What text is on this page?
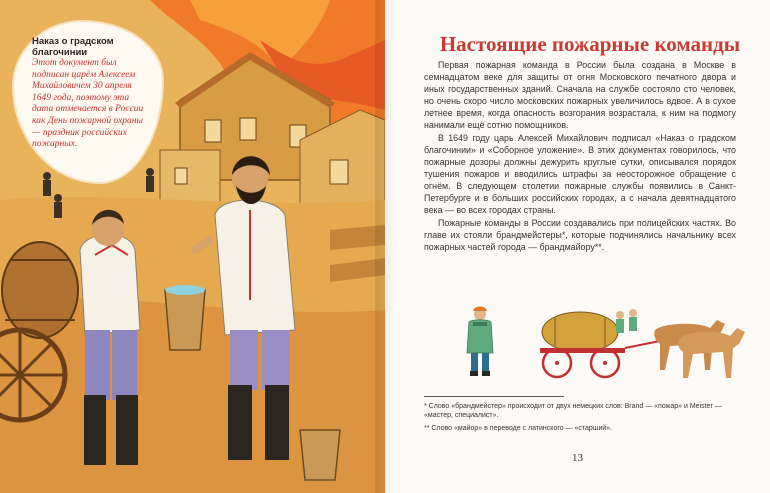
Наказ о градском благочинии
Этот документ был подписан царём Алексеем Михайловичем 30 апреля 1649 года, поэтому эта дата отмечается в России как День пожарной охраны — праздник российских пожарных.
Настоящие пожарные команды

Первая пожарная команда в России была создана в Москве в семнадцатом веке для защиты от огня Московского печатного двора и иных государственных зданий. Сначала на службе состояло сто человек, но очень скоро число московских пожарных увеличилось вдвое. А в сухое летнее время, когда опасность возгорания возрастала, к ним на подмогу нанимали ещё сотню помощников.

В 1649 году царь Алексей Михайлович подписал «Наказ о градском благочинии» и «Соборное уложение». В этих документах говорилось, что пожарные дозоры должны дежурить круглые сутки, описывался порядок тушения пожаров и вводились штрафы за неосторожное обращение с огнём. В следующем столетии пожарные службы появились в Санкт-Петербурге и в больших российских городах, а с начала девятнадцатого века — во всех городах страны.

Пожарные команды в России создавались при полицейских частях. Во главе их стояли брандмейстеры*, которые подчинялись начальнику всех пожарных частей города — брандмайору**.

* Слово «брандмейстер» происходит от двух немецких слов: Brand — «пожар» и Meister — «мастер, специалист».
** Слово «майор» в переводе с латинского — «старший».
13
